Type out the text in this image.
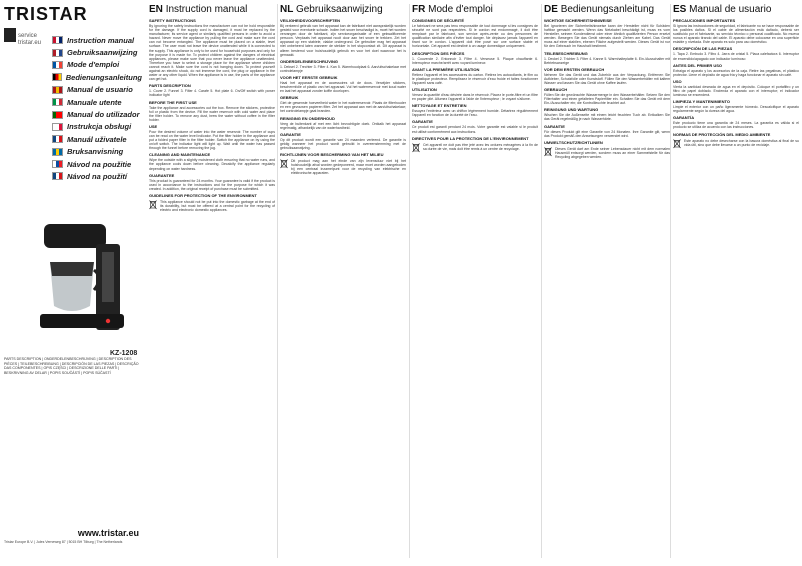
TRISTAR
service tristar.eu	Instruction manual
Gebruiksaanwijzing
Mode d'emploi
Bedienungsanleitung
Manual de usuario
Manuale utente
Manual do utilizador
Instrukcja obsługi
Manuál uživatele
Bruksanvisning
Návod na použitie
Návod na použití
KZ-1208
PARTS DESCRIPTION | ONDERDELENBESCHRIJVING | DESCRIPTION DES PIÈCES | TEILEBESCHREIBUNG | DESCRIPCIÓN DE LAS PIEZAS | DESCRIÇÃO DAS COMPONENTES | OPIS CZĘŚCI | DESCRIZIONE DELLE PARTI | BESKRIVNING AV DELAR | POPIS SOUČÁSTÍ | POPIS SÚČASTÍ
www.tristar.eu
Tristar Europe B.V. | Jules Verneweg 87 | 5015 BH Tilburg | The Netherlands
EN Instruction manual
SAFETY INSTRUCTIONS

By ignoring the safety instructions the manufacturer can not be hold responsible for the damage. If the supply cord is damaged, it must be replaced by the manufacturer, its service agent or similarly qualified persons in order to avoid a hazard. Never move the appliance by pulling the cord and make sure the cord can not become entangled. The appliance must be placed on a stable, level surface. The user must not leave the device unattended while it is connected to the supply. This appliance is only to be used for household purposes and only for the purpose it is made for. To protect children against the dangers of electrical appliances, please make sure that you never leave the appliance unattended. Therefore you have to select a storage place for the appliance where children cannot reach it. Make sure the cord is not hanging down. To protect yourself against an electric shock, do not immerse the cord, the plug or appliance in the water or any other liquid. When the appliance is in use, the parts of the appliance can get hot.

PARTS DESCRIPTION

1. Cover 2. Funnel 3. Filter 4. Carafe 5. Hot plate 6. On/Off switch with power indicator light

BEFORE THE FIRST USE

Take the appliance and accessories out the box. Remove the stickers, protective foil or plastic from the device. Fill the water reservoir with cold water and place the filter holder. To remove any dust, brew the water without coffee in the filter holder.

USE

Pour the desired volume of water into the water reservoir. The number of cups can be read on the water level indicator. Put the filter holder in the appliance and put a folded paper filter in the filter holder. Switch the appliance on by using the on/off switch. The indicator light will light up. Wait until the water has passed through the funnel before removing the jug.

CLEANING AND MAINTENANCE

Wipe the outside with a slightly moistened cloth ensuring that no water runs, and the appliance cools down before cleaning. Decalcify the appliance regularly depending on water hardness.

GUARANTEE

This product is guaranteed for 24 months. Your guarantee is valid if the product is used in accordance to the instructions and for the purpose for which it was created. In addition, the original receipt of purchase must be submitted.

GUIDELINES FOR PROTECTION OF THE ENVIRONMENT

This appliance should not be put into the domestic garbage at the end of its durability, but must be offered at a central point for the recycling of electric and electronic domestic appliances.

NL Gebruiksaanwijzing
VEILIGHEIDSVOORSCHRIFTEN

Bij verkeerd gebruik van het apparaat kan de fabrikant niet aansprakelijk worden gesteld voor eventuele schade. Indien het snoer beschadigd is, moet het worden vervangen door de fabrikant, zijn serviceorganisatie of een gekwalificeerde persoon. Verplaats het apparaat nooit door aan het snoer te trekken. Zet het apparaat op een stabiele, vlakke ondergrond. De gebruiker mag het apparaat niet onbeheerd laten wanneer de stekker in het stopcontact zit. Dit apparaat is alleen bestemd voor huishoudelijk gebruik en voor het doel waarvoor het is gemaakt.

ONDERDELENBESCHRIJVING

1. Deksel 2. Trechter 3. Filter 4. Kan 5. Warmhoudplaat 6. Aan/uitschakelaar met controlelampje

VOOR HET EERSTE GEBRUIK

Haal het apparaat en de accessoires uit de doos. Verwijder stickers, beschermfolie of plastic van het apparaat. Vul het waterreservoir met koud water en laat het apparaat zonder koffie doorlopen.

GEBRUIK

Giet de gewenste hoeveelheid water in het waterreservoir. Plaats de filterhouder en een gevouwen papieren filter. Zet het apparaat aan met de aan/uitschakelaar; het controlelampje gaat branden.

REINIGING EN ONDERHOUD

Veeg de buitenkant af met een licht bevochtigde doek. Ontkalk het apparaat regelmatig, afhankelijk van de waterhardheid.

GARANTIE

Op dit product wordt een garantie van 24 maanden verleend. De garantie is geldig wanneer het product wordt gebruikt in overeenstemming met de gebruiksaanwijzing.

RICHTLIJNEN VOOR BESCHERMING VAN HET MILIEU

Dit product mag aan het einde van zijn levensduur niet bij het huishoudelijk afval worden gedeponeerd, maar moet worden aangeboden bij een centraal inzamelpunt voor de recycling van elektrische en elektronische apparaten.

FR Mode d'emploi
CONSIGNES DE SÉCURITÉ

Le fabricant ne sera pas tenu responsable de tout dommage si les consignes de sécurité ne sont pas respectées. Si le cordon est endommagé, il doit être remplacé par le fabricant, son service après-vente ou des personnes de qualification similaire afin d'éviter tout danger. Ne déplacez jamais l'appareil en tirant sur le cordon. L'appareil doit être posé sur une surface stable et horizontale. Cet appareil est destiné à un usage domestique uniquement.

DESCRIPTION DES PIÈCES

1. Couvercle 2. Entonnoir 3. Filtre 4. Verseuse 5. Plaque chauffante 6. Interrupteur marche/arrêt avec voyant lumineux

AVANT LA PREMIÈRE UTILISATION

Retirez l'appareil et les accessoires du carton. Retirez les autocollants, le film ou le plastique protecteur. Remplissez le réservoir d'eau froide et faites fonctionner l'appareil sans café.

UTILISATION

Versez la quantité d'eau désirée dans le réservoir. Placez le porte-filtre et un filtre en papier plié. Allumez l'appareil à l'aide de l'interrupteur ; le voyant s'allume.

NETTOYAGE ET ENTRETIEN

Essuyez l'extérieur avec un chiffon légèrement humide. Détartrez régulièrement l'appareil en fonction de la dureté de l'eau.

GARANTIE

Ce produit est garanti pendant 24 mois. Votre garantie est valable si le produit est utilisé conformément aux instructions.

DIRECTIVES POUR LA PROTECTION DE L'ENVIRONNEMENT

Cet appareil ne doit pas être jeté avec les ordures ménagères à la fin de sa durée de vie, mais doit être remis à un centre de recyclage.

DE Bedienungsanleitung
WICHTIGE SICHERHEITSHINWEISE

Bei Ignorieren der Sicherheitshinweise kann der Hersteller nicht für Schäden haftbar gemacht werden. Wenn das Netzkabel beschädigt ist, muss es vom Hersteller, seinem Kundendienst oder einer ähnlich qualifizierten Person ersetzt werden. Bewegen Sie das Gerät niemals durch Ziehen am Kabel. Das Gerät muss auf einer stabilen, ebenen Fläche aufgestellt werden. Dieses Gerät ist nur für den Gebrauch im Haushalt bestimmt.

TEILEBESCHREIBUNG

1. Deckel 2. Trichter 3. Filter 4. Kanne 5. Warmhalteplatte 6. Ein-/Ausschalter mit Betriebsanzeige

VOR DEM ERSTEN GEBRAUCH

Nehmen Sie das Gerät und das Zubehör aus der Verpackung. Entfernen Sie Aufkleber, Schutzfolie oder Kunststoff. Füllen Sie den Wasserbehälter mit kaltem Wasser und lassen Sie das Gerät ohne Kaffee laufen.

GEBRAUCH

Füllen Sie die gewünschte Wassermenge in den Wasserbehälter. Setzen Sie den Filterhalter und einen gefalteten Papierfilter ein. Schalten Sie das Gerät mit dem Ein-/Ausschalter ein; die Kontrollleuchte leuchtet auf.

REINIGUNG UND WARTUNG

Wischen Sie die Außenseite mit einem leicht feuchten Tuch ab. Entkalken Sie das Gerät regelmäßig je nach Wasserhärte.

GARANTIE

Für dieses Produkt gilt eine Garantie von 24 Monaten. Ihre Garantie gilt, wenn das Produkt gemäß den Anweisungen verwendet wird.

UMWELTSCHUTZRICHTLINIEN

Dieses Gerät darf am Ende seiner Lebensdauer nicht mit dem normalen Hausmüll entsorgt werden, sondern muss an einer Sammelstelle für das Recycling abgegeben werden.

ES Manual de usuario
PRECAUCIONES IMPORTANTES

Si ignora las instrucciones de seguridad, el fabricante no se hace responsable de los posibles daños. Si el cable de alimentación está dañado, deberá ser sustituido por el fabricante, su servicio técnico o personal cualificado. No mueva nunca el aparato tirando del cable. El aparato debe colocarse en una superficie estable y nivelada. Este aparato es solo para uso doméstico.

DESCRIPCIÓN DE LAS PIEZAS

1. Tapa 2. Embudo 3. Filtro 4. Jarra de cristal 5. Placa calefactora 6. Interruptor de encendido/apagado con indicador luminoso

ANTES DEL PRIMER USO

Extraiga el aparato y los accesorios de la caja. Retire las pegatinas, el plástico protector. Llene el depósito de agua fría y haga funcionar el aparato sin café.

USO

Vierta la cantidad deseada de agua en el depósito. Coloque el portafiltro y un filtro de papel doblado. Encienda el aparato con el interruptor; el indicador luminoso se encenderá.

LIMPIEZA Y MANTENIMIENTO

Limpie el exterior con un paño ligeramente húmedo. Descalcifique el aparato regularmente según la dureza del agua.

GARANTÍA

Este producto tiene una garantía de 24 meses. La garantía es válida si el producto se utiliza de acuerdo con las instrucciones.

NORMAS DE PROTECCIÓN DEL MEDIO AMBIENTE

Este aparato no debe desecharse con la basura doméstica al final de su vida útil, sino que debe llevarse a un punto de reciclaje.
